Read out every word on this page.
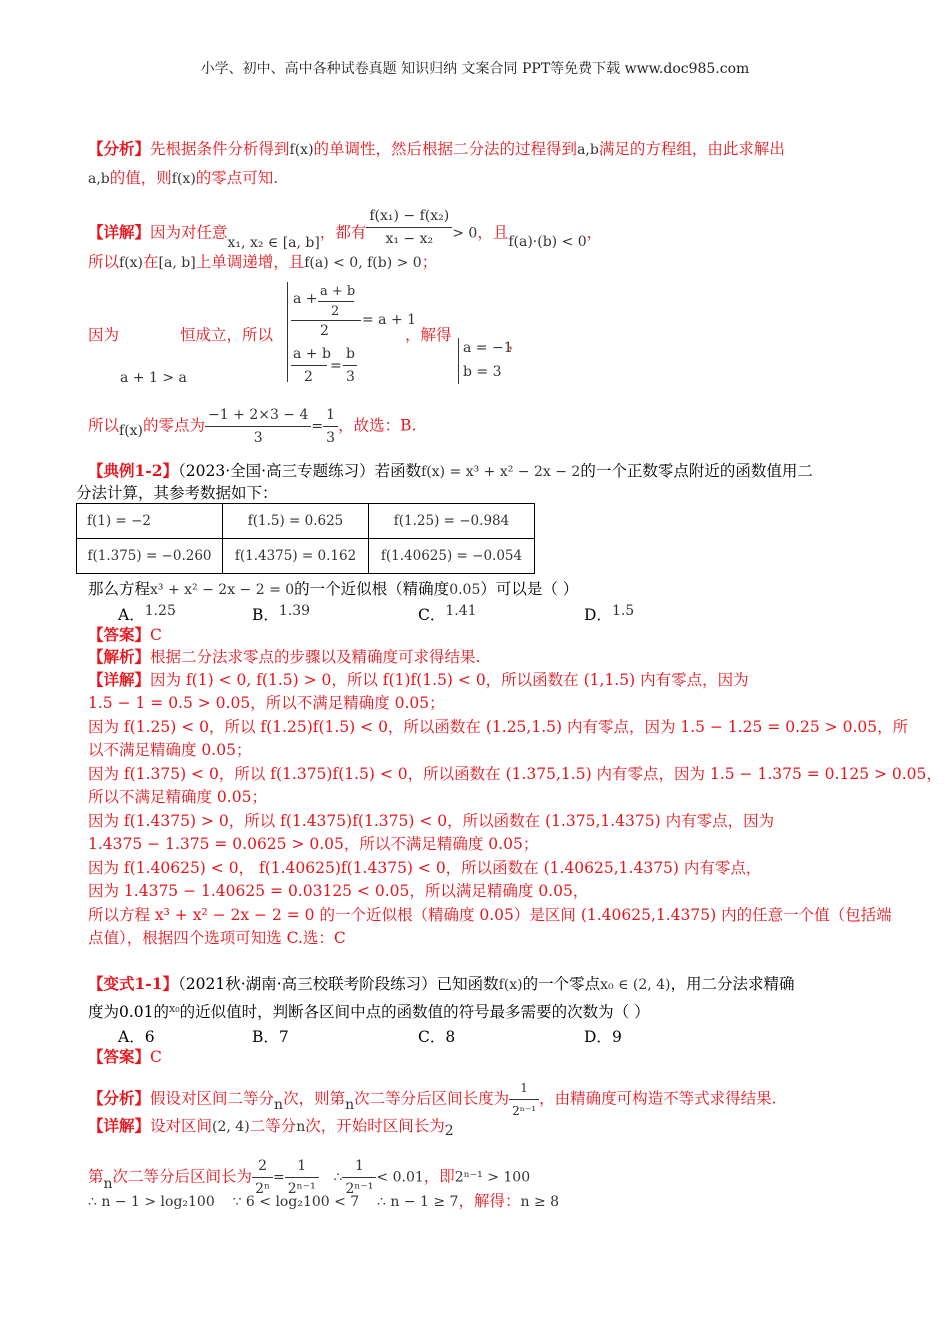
小学、初中、高中各种试卷真题 知识归纳 文案合同 PPT等免费下载 www.doc985.com
【分析】先根据条件分析得到f(x)的单调性，然后根据二分法的过程得到a,b满足的方程组，由此求解出
a,b的值，则f(x)的零点可知.
【详解】因为对任意x₁, x₂ ∈ [a, b]，都有 $\frac{\text{f(x₁) − f(x₂)}}{\text{x₁ − x₂}} > 0$，且f(a)·(b) < 0，
所以f(x)在[a, b]上单调递增，且f(a) < 0, f(b) > 0；
因为	恒成立，所以
a + 1 > a
a + a + b
2
2
= a + 1
a + b
2
=
b
3
，解得
a = −1
b = 3
，
所以f(x)的零点为 $\frac{-1 + 2\times 3 - 4}{3} = \frac{1}{3}$ ，故选：B.
【典例1-2】（2023·全国·高三专题练习）若函数f(x) = x³ + x² − 2x − 2的一个正数零点附近的函数值用二
分法计算，其参考数据如下：
f(1) = −2	f(1.5) = 0.625	f(1.25) = −0.984
f(1.375) = −0.260	f(1.4375) = 0.162	f(1.40625) = −0.054
那么方程x³ + x² − 2x − 2 = 0的一个近似根（精确度0.05）可以是（ ）
A．1.25	B．1.39	C．1.41	D．1.5
【答案】C
【解析】根据二分法求零点的步骤以及精确度可求得结果.
【详解】因为 f(1) < 0, f(1.5) > 0，所以 f(1)f(1.5) < 0，所以函数在 (1,1.5) 内有零点，因为
1.5 − 1 = 0.5 > 0.05，所以不满足精确度 0.05；
因为 f(1.25) < 0，所以 f(1.25)f(1.5) < 0，所以函数在 (1.25,1.5) 内有零点，因为 1.5 − 1.25 = 0.25 > 0.05，所
以不满足精确度 0.05；
因为 f(1.375) < 0，所以 f(1.375)f(1.5) < 0，所以函数在 (1.375,1.5) 内有零点，因为 1.5 − 1.375 = 0.125 > 0.05，
所以不满足精确度 0.05；
因为 f(1.4375) > 0，所以 f(1.4375)f(1.375) < 0，所以函数在 (1.375,1.4375) 内有零点，因为
1.4375 − 1.375 = 0.0625 > 0.05，所以不满足精确度 0.05；
因为 f(1.40625) < 0， f(1.40625)f(1.4375) < 0，所以函数在 (1.40625,1.4375) 内有零点，
因为 1.4375 − 1.40625 = 0.03125 < 0.05，所以满足精确度 0.05，
所以方程 x³ + x² − 2x − 2 = 0 的一个近似根（精确度 0.05）是区间 (1.40625,1.4375) 内的任意一个值（包括端
点值），根据四个选项可知选 C.选：C
【变式1-1】（2021秋·湖南·高三校联考阶段练习）已知函数f(x)的一个零点x₀ ∈ (2, 4)，用二分法求精确
度为0.01的$^{x_0}$的近似值时，判断各区间中点的函数值的符号最多需要的次数为（ ）
A．6	B．7	C．8	D．9
【答案】C
【分析】假设对区间二等分n次，则第n次二等分后区间长度为 $\frac{1}{\text{2ⁿ⁻¹}}$ ，由精确度可构造不等式求得结果.
【详解】设对区间(2, 4)二等分n次，开始时区间长为2
第n次二等分后区间长为 $\frac{2}{\text{2ⁿ}} = \frac{1}{\text{2ⁿ⁻¹}}$ ∴ $\frac{1}{\text{2ⁿ⁻¹}} < 0.01$，即2ⁿ⁻¹ > 100
∴ n − 1 > log₂100 ∵ 6 < log₂100 < 7 ∴ n − 1 ≥ 7，解得：n ≥ 8
